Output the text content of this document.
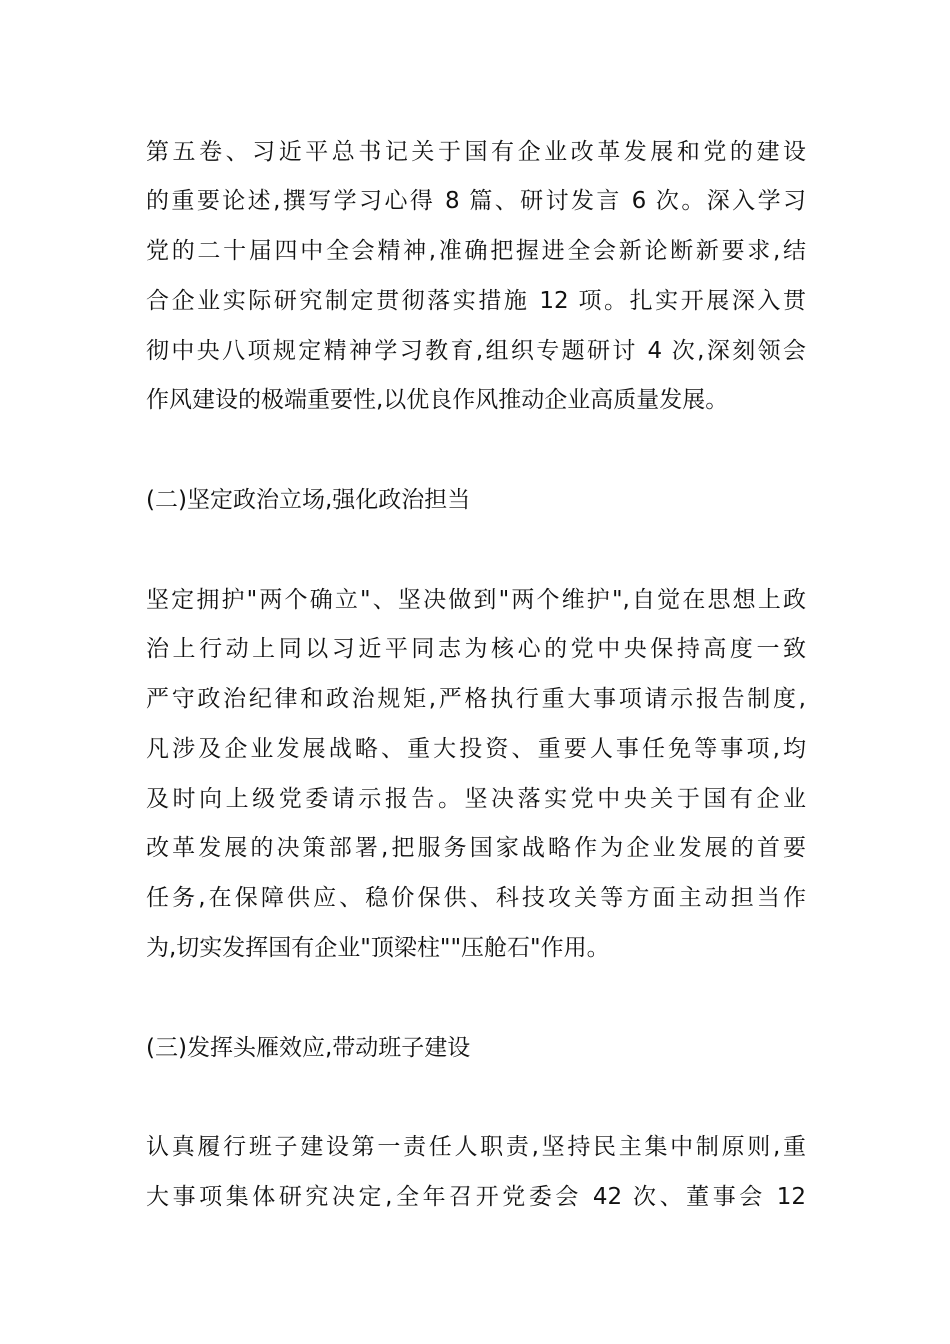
第五卷、习近平总书记关于国有企业改革发展和党的建设
的重要论述,撰写学习心得 8 篇、研讨发言 6 次。深入学习
党的二十届四中全会精神,准确把握进全会新论断新要求,结
合企业实际研究制定贯彻落实措施 12 项。扎实开展深入贯
彻中央八项规定精神学习教育,组织专题研讨 4 次,深刻领会
作风建设的极端重要性,以优良作风推动企业高质量发展。
(二)坚定政治立场,强化政治担当
坚定拥护"两个确立"、坚决做到"两个维护",自觉在思想上政
治上行动上同以习近平同志为核心的党中央保持高度一致
严守政治纪律和政治规矩,严格执行重大事项请示报告制度,
凡涉及企业发展战略、重大投资、重要人事任免等事项,均
及时向上级党委请示报告。坚决落实党中央关于国有企业
改革发展的决策部署,把服务国家战略作为企业发展的首要
任务,在保障供应、稳价保供、科技攻关等方面主动担当作
为,切实发挥国有企业"顶梁柱""压舱石"作用。
(三)发挥头雁效应,带动班子建设
认真履行班子建设第一责任人职责,坚持民主集中制原则,重
大事项集体研究决定,全年召开党委会 42 次、董事会 12
